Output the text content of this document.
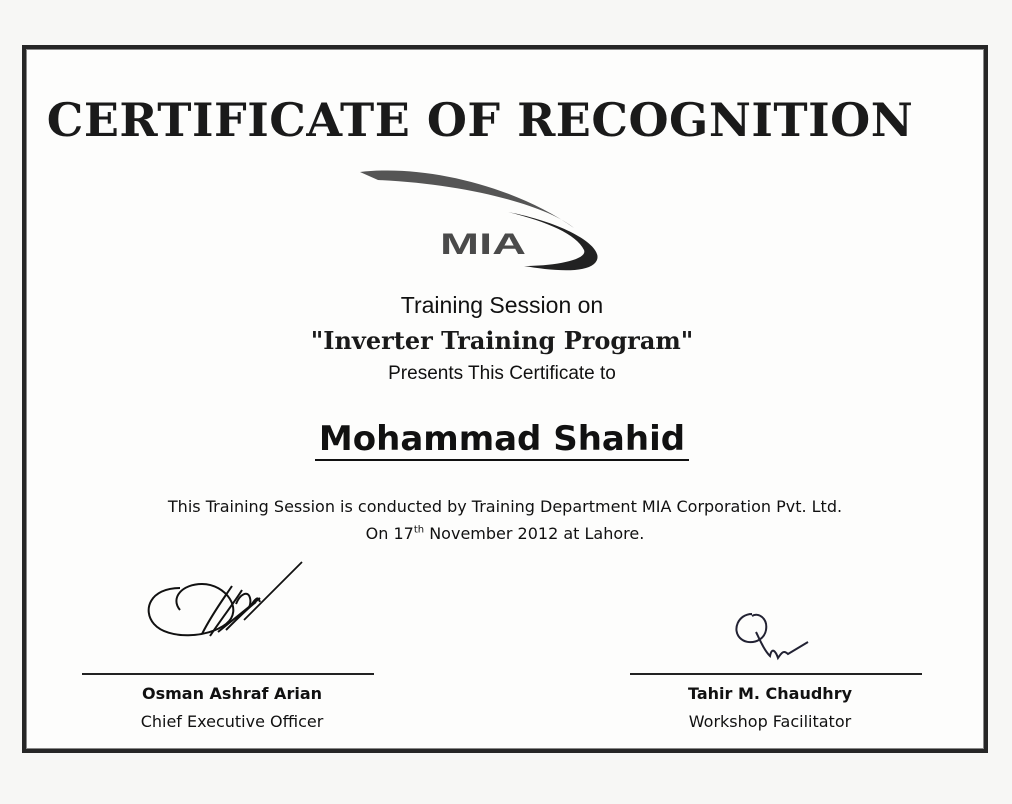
CERTIFICATE OF RECOGNITION
MIA
Training Session on
"Inverter Training Program"
Presents This Certificate to
Mohammad Shahid
This Training Session is conducted by Training Department MIA Corporation Pvt. Ltd.
On 17th November 2012 at Lahore.
Osman Ashraf Arian
Chief Executive Officer
Tahir M. Chaudhry
Workshop Facilitator
